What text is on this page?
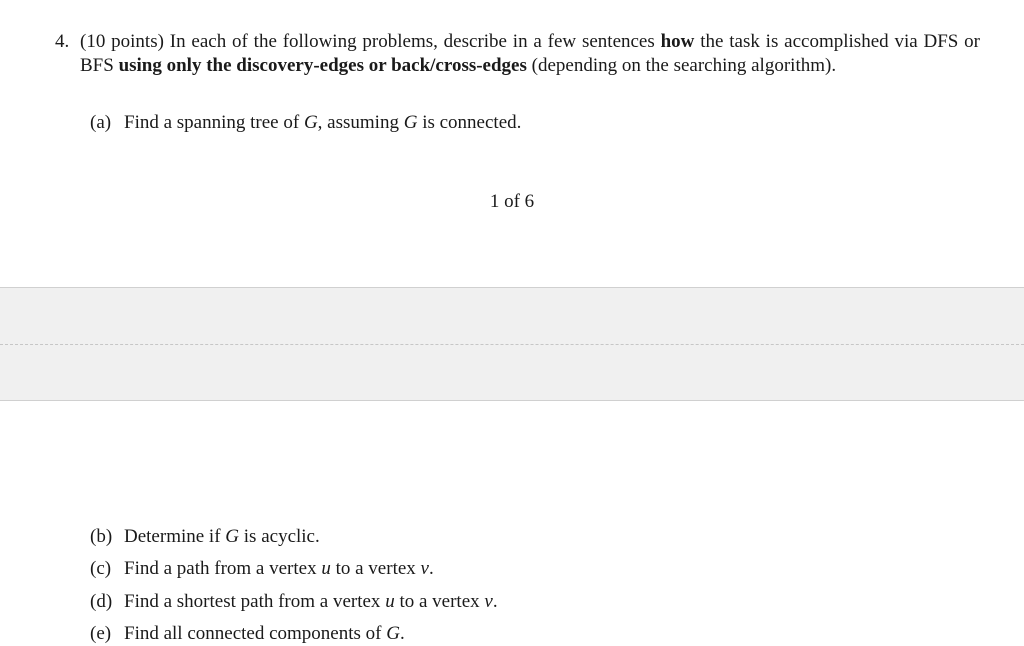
4. (10 points) In each of the following problems, describe in a few sentences how the task is accomplished via DFS or BFS using only the discovery-edges or back/cross-edges (depending on the searching algorithm).
(a) Find a spanning tree of G, assuming G is connected.
1 of 6
(b) Determine if G is acyclic.
(c) Find a path from a vertex u to a vertex v.
(d) Find a shortest path from a vertex u to a vertex v.
(e) Find all connected components of G.
